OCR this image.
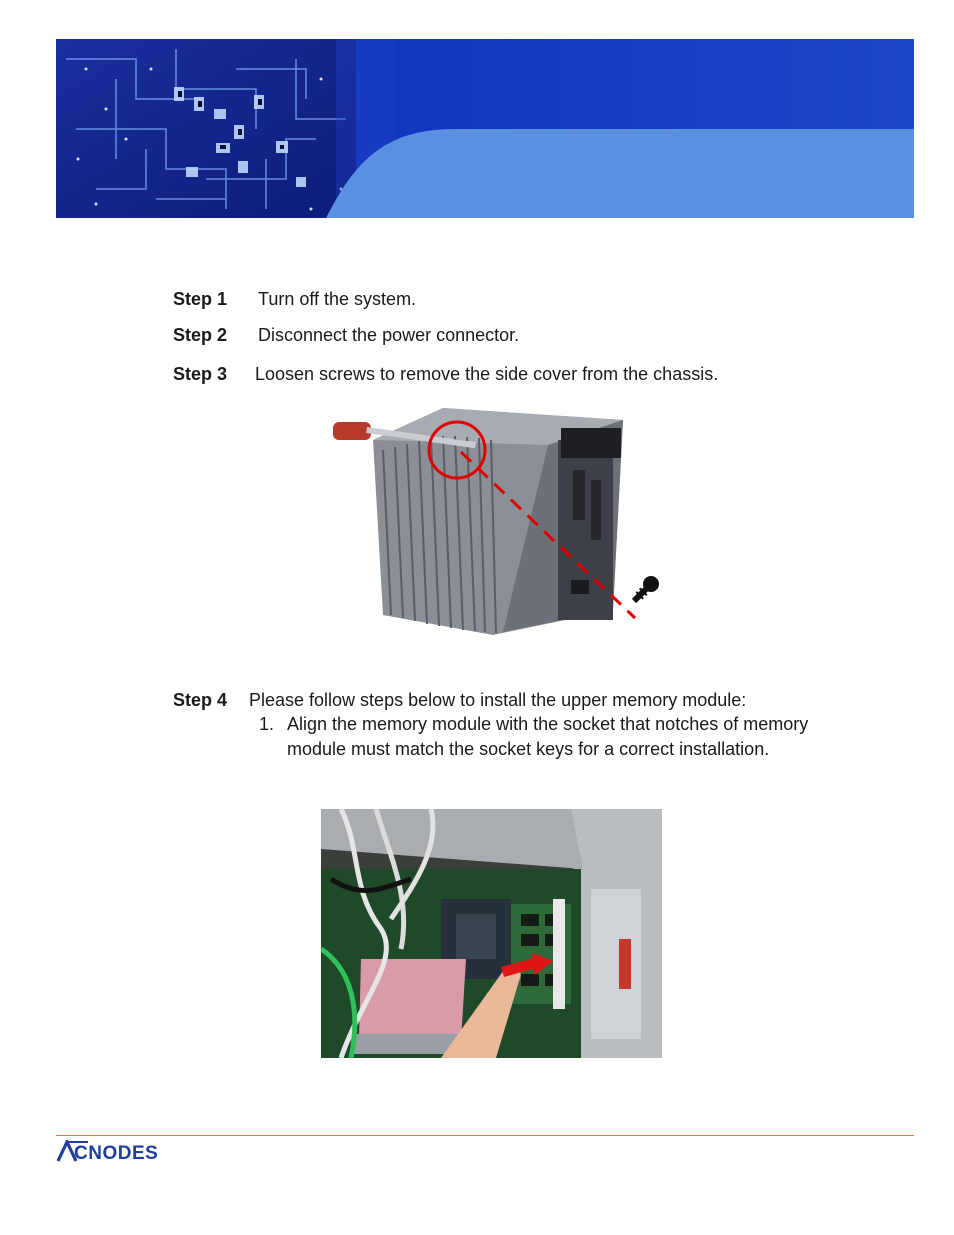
Step 1 Turn off the system.
Step 2 Disconnect the power connector.
Step 3 Loosen screws to remove the side cover from the chassis.
Step 4 Please follow steps below to install the upper memory module:
1. Align the memory module with the socket that notches of memory module must match the socket keys for a correct installation.
CNODES
